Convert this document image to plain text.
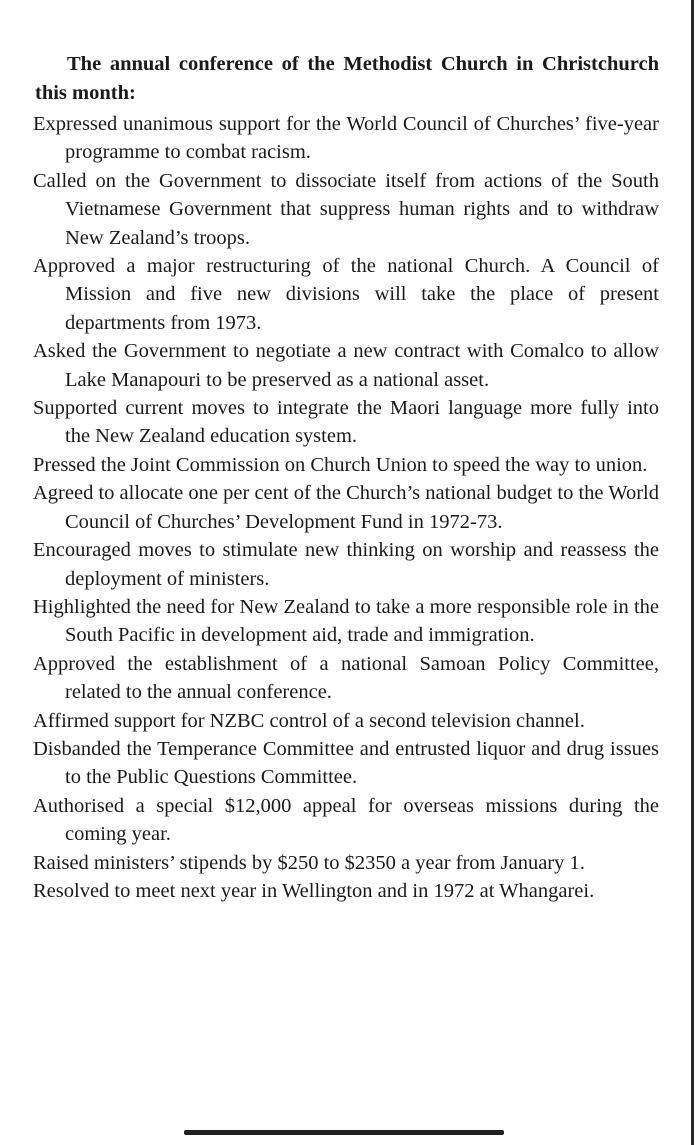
The annual conference of the Methodist Church in Christchurch this month:

Expressed unanimous support for the World Council of Churches’ five-year programme to combat racism.
Called on the Government to dissociate itself from actions of the South Vietnamese Government that suppress human rights and to withdraw New Zealand’s troops.
Approved a major restructuring of the national Church. A Council of Mission and five new divisions will take the place of present departments from 1973.
Asked the Government to negotiate a new contract with Comalco to allow Lake Manapouri to be preserved as a national asset.
Supported current moves to integrate the Maori language more fully into the New Zealand education system.
Pressed the Joint Commission on Church Union to speed the way to union.
Agreed to allocate one per cent of the Church’s national budget to the World Council of Churches’ Development Fund in 1972-73.
Encouraged moves to stimulate new thinking on worship and reassess the deployment of ministers.
Highlighted the need for New Zealand to take a more responsible role in the South Pacific in development aid, trade and immigration.
Approved the establishment of a national Samoan Policy Committee, related to the annual conference.
Affirmed support for NZBC control of a second television channel.
Disbanded the Temperance Committee and entrusted liquor and drug issues to the Public Questions Committee.
Authorised a special $12,000 appeal for overseas missions during the coming year.
Raised ministers’ stipends by $250 to $2350 a year from January 1.
Resolved to meet next year in Wellington and in 1972 at Whangarei.
